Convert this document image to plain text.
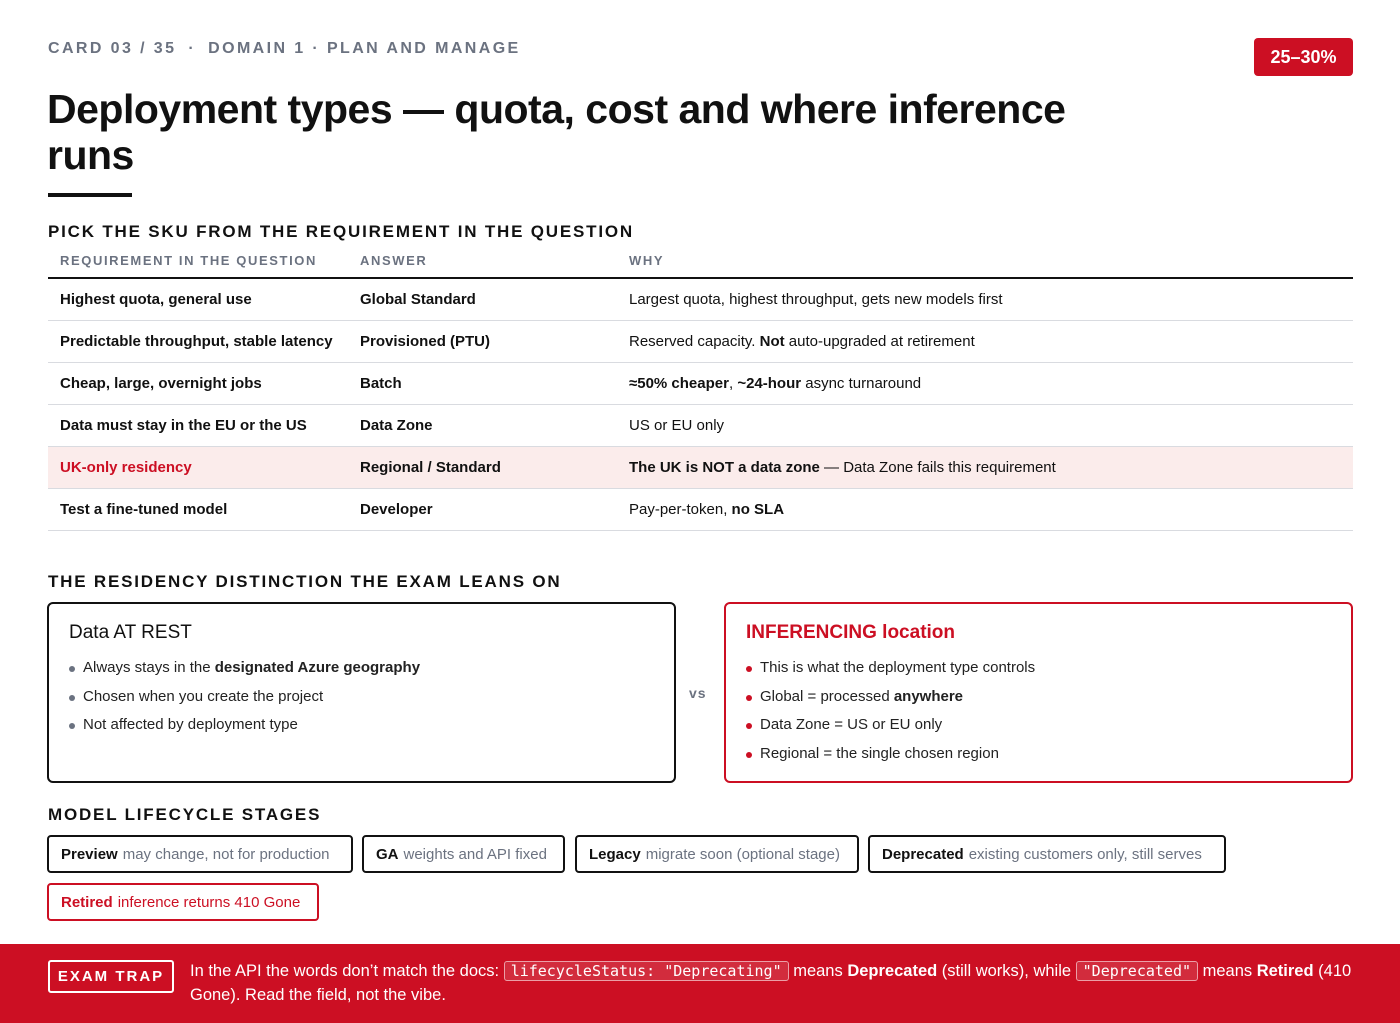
CARD 03 / 35 · DOMAIN 1 · PLAN AND MANAGE	25–30%
Deployment types — quota, cost and where inference runs
PICK THE SKU FROM THE REQUIREMENT IN THE QUESTION
REQUIREMENT IN THE QUESTION	ANSWER	WHY
Highest quota, general use	Global Standard	Largest quota, highest throughput, gets new models first
Predictable throughput, stable latency	Provisioned (PTU)	Reserved capacity. Not auto-upgraded at retirement
Cheap, large, overnight jobs	Batch	≈50% cheaper, ~24-hour async turnaround
Data must stay in the EU or the US	Data Zone	US or EU only
UK-only residency	Regional / Standard	The UK is NOT a data zone — Data Zone fails this requirement
Test a fine-tuned model	Developer	Pay-per-token, no SLA
THE RESIDENCY DISTINCTION THE EXAM LEANS ON
Data AT REST
Always stays in the designated Azure geography
Chosen when you create the project
Not affected by deployment type
vs
INFERENCING location
This is what the deployment type controls
Global = processed anywhere
Data Zone = US or EU only
Regional = the single chosen region
MODEL LIFECYCLE STAGES
Preview may change, not for production	GA weights and API fixed	Legacy migrate soon (optional stage)	Deprecated existing customers only, still serves
Retired inference returns 410 Gone
EXAM TRAP	In the API the words don’t match the docs: lifecycleStatus: "Deprecating" means Deprecated (still works), while "Deprecated" means Retired (410 Gone). Read the field, not the vibe.
